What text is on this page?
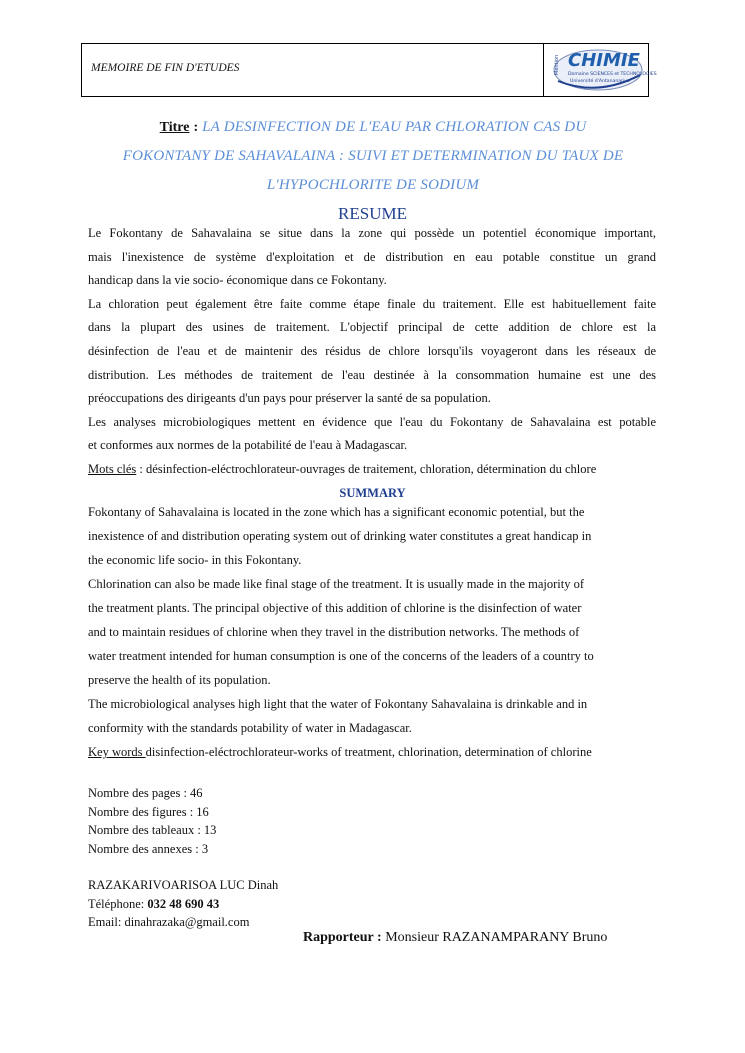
MEMOIRE DE FIN D'ETUDES	Mention CHIMIE
Domaine SCIENCES et TECHNOLOGIES
Université d'Antananarivo
Titre : LA DESINFECTION DE L'EAU PAR CHLORATION CAS DU
FOKONTANY DE SAHAVALAINA : SUIVI ET DETERMINATION DU TAUX DE
L'HYPOCHLORITE DE SODIUM
RESUME
Le Fokontany de Sahavalaina se situe dans la zone qui possède un potentiel économique important,
mais l'inexistence de système d'exploitation et de distribution en eau potable constitue un grand
handicap dans la vie socio- économique dans ce Fokontany.
La chloration peut également être faite comme étape finale du traitement. Elle est habituellement faite
dans la plupart des usines de traitement. L'objectif principal de cette addition de chlore est la
désinfection de l'eau et de maintenir des résidus de chlore lorsqu'ils voyageront dans les réseaux de
distribution. Les méthodes de traitement de l'eau destinée à la consommation humaine est une des
préoccupations des dirigeants d'un pays pour préserver la santé de sa population.
Les analyses microbiologiques mettent en évidence que l'eau du Fokontany de Sahavalaina est potable
et conformes aux normes de la potabilité de l'eau à Madagascar.
Mots clés : désinfection-eléctrochlorateur-ouvrages de traitement, chloration, détermination du chlore
SUMMARY
Fokontany of Sahavalaina is located in the zone which has a significant economic potential, but the
inexistence of and distribution operating system out of drinking water constitutes a great handicap in
the economic life socio- in this Fokontany.
Chlorination can also be made like final stage of the treatment. It is usually made in the majority of
the treatment plants. The principal objective of this addition of chlorine is the disinfection of water
and to maintain residues of chlorine when they travel in the distribution networks. The methods of
water treatment intended for human consumption is one of the concerns of the leaders of a country to
preserve the health of its population.
The microbiological analyses high light that the water of Fokontany Sahavalaina is drinkable and in
conformity with the standards potability of water in Madagascar.
Key words disinfection-eléctrochlorateur-works of treatment, chlorination, determination of chlorine
Nombre des pages : 46
Nombre des figures : 16
Nombre des tableaux : 13
Nombre des annexes : 3
RAZAKARIVOARISOA LUC Dinah
Téléphone: 032 48 690 43
Email: dinahrazaka@gmail.com
Rapporteur : Monsieur RAZANAMPARANY Bruno
